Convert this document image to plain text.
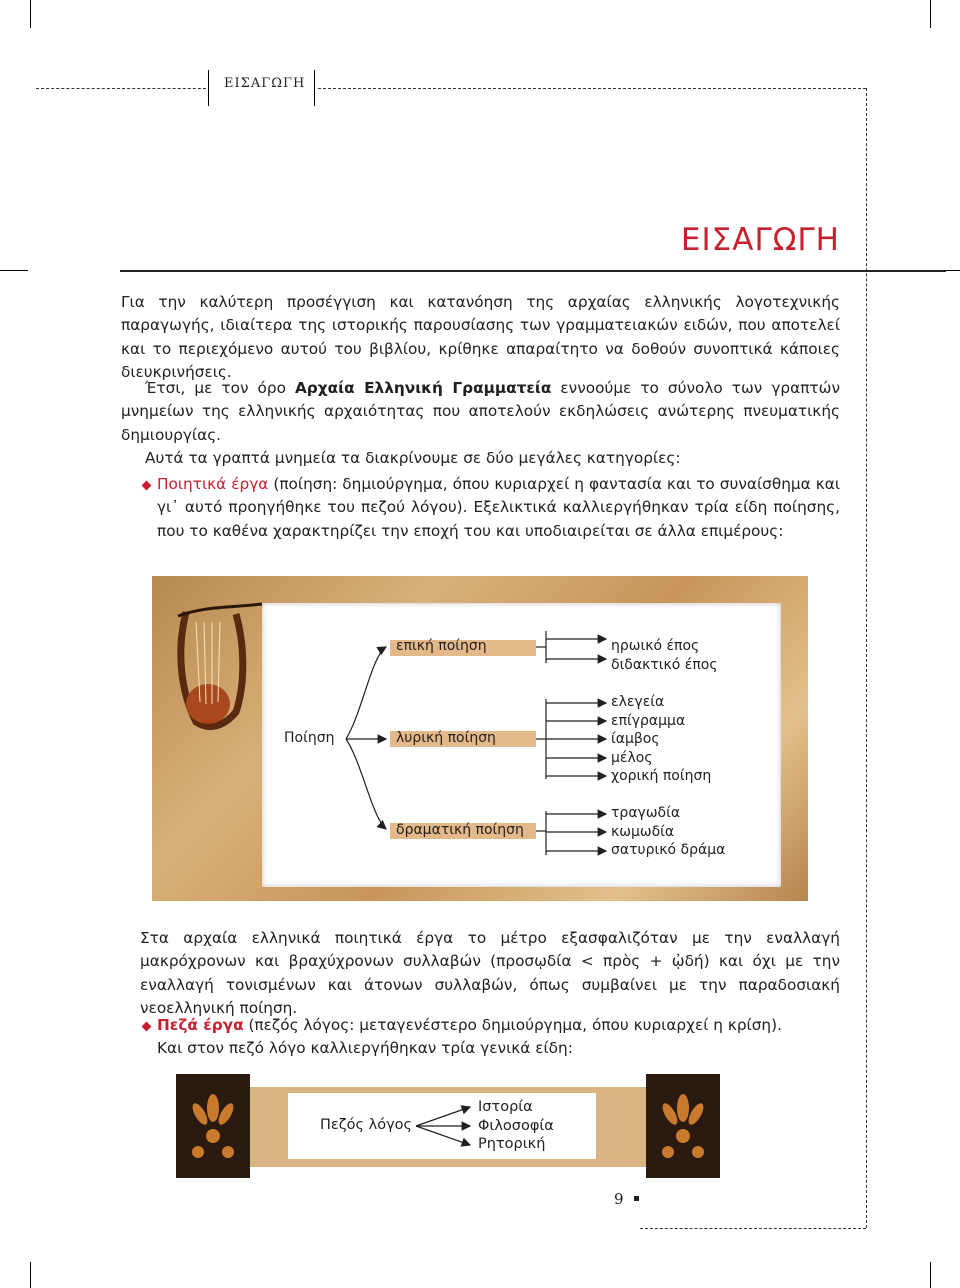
ΕΙΣΑΓΩΓΗ
ΕΙΣΑΓΩΓΗ

Για την καλύτερη προσέγγιση και κατανόηση της αρχαίας ελληνικής λογοτεχνικής παραγωγής, ιδιαίτερα της ιστορικής παρουσίασης των γραμματειακών ειδών, που αποτελεί και το περιεχόμενο αυτού του βιβλίου, κρίθηκε απαραίτητο να δοθούν συνοπτικά κάποιες διευκρινήσεις.

Έτσι, με τον όρο Αρχαία Ελληνική Γραμματεία εννοούμε το σύνολο των γραπτών μνημείων της ελληνικής αρχαιότητας που αποτελούν εκδηλώσεις ανώτερης πνευματικής δημιουργίας.

Αυτά τα γραπτά μνημεία τα διακρίνουμε σε δύο μεγάλες κατηγορίες:

Ποιητικά έργα (ποίηση: δημιούργημα, όπου κυριαρχεί η φαντασία και το συναίσθημα και γι᾿ αυτό προηγήθηκε του πεζού λόγου). Εξελικτικά καλλιεργήθηκαν τρία είδη ποίησης, που το καθένα χαρακτηρίζει την εποχή του και υποδιαιρείται σε άλλα επιμέρους:

Ποίηση
επική ποίηση
λυρική ποίηση
δραματική ποίηση
ηρωικό έπος
διδακτικό έπος
ελεγεία
επίγραμμα
ίαμβος
μέλος
χορική ποίηση
τραγωδία
κωμωδία
σατυρικό δράμα

Στα αρχαία ελληνικά ποιητικά έργα το μέτρο εξασφαλιζόταν με την εναλλαγή μακρόχρονων και βραχύχρονων συλλαβών (προσῳδία < πρὸς + ᾠδή) και όχι με την εναλλαγή τονισμένων και άτονων συλλαβών, όπως συμβαίνει με την παραδοσιακή νεοελληνική ποίηση.

Πεζά έργα (πεζός λόγος: μεταγενέστερο δημιούργημα, όπου κυριαρχεί η κρίση).

Και στον πεζό λόγο καλλιεργήθηκαν τρία γενικά είδη:

Πεζός λόγος
Ιστορία
Φιλοσοφία
Ρητορική
9
